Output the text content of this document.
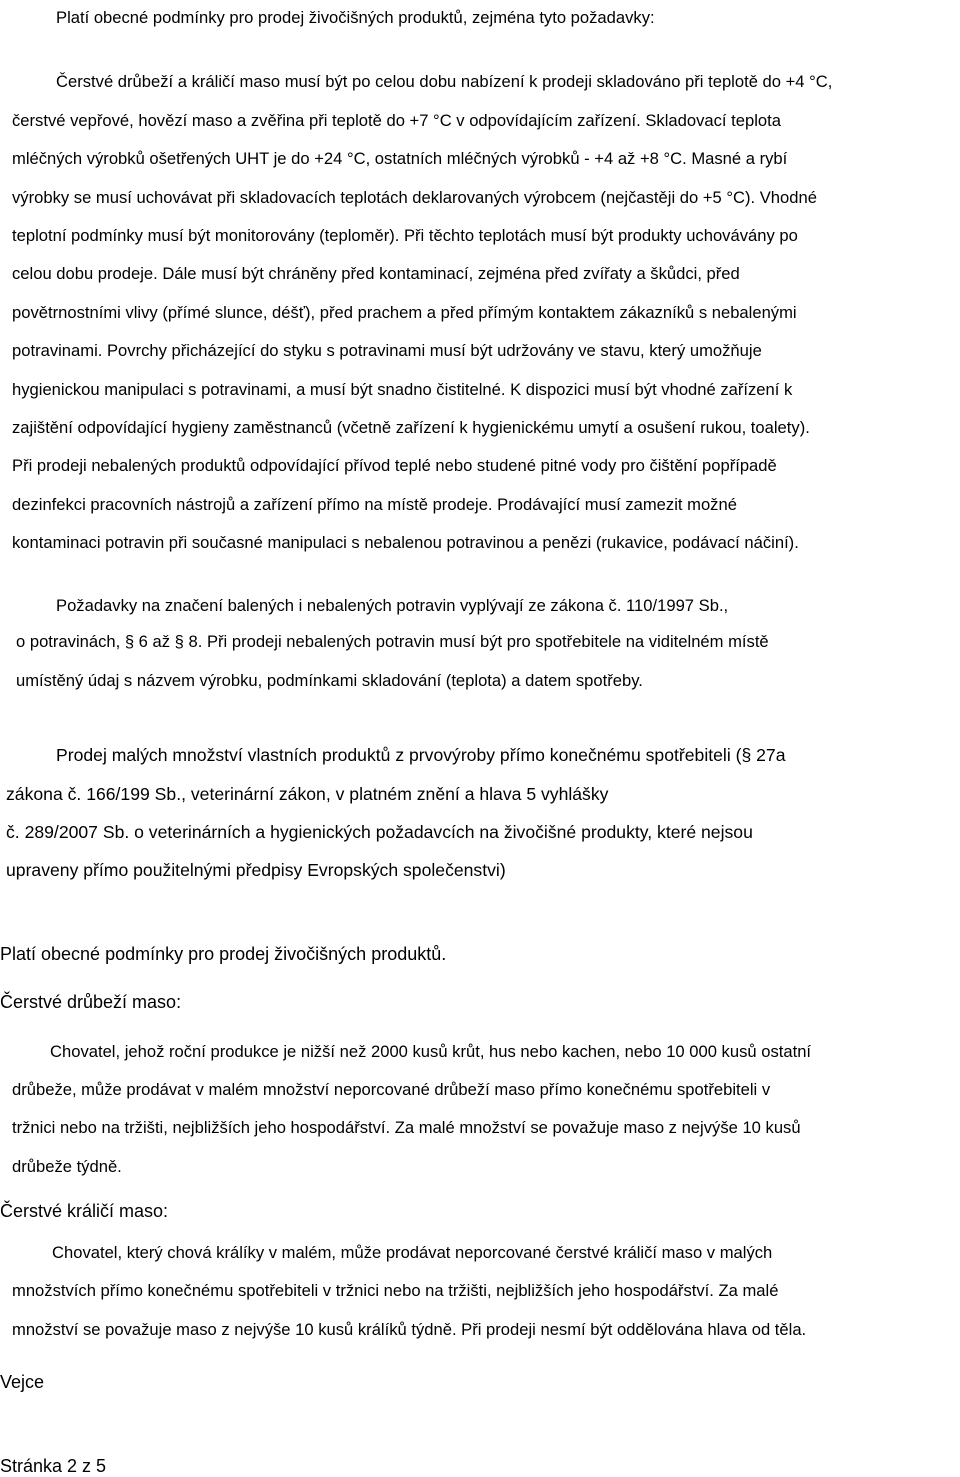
Platí obecné podmínky pro prodej živočišných produktů, zejména tyto požadavky:
Čerstvé drůbeží a králičí maso musí být po celou dobu nabízení k prodeji skladováno při teplotě do +4 °C,
čerstvé vepřové, hovězí maso a zvěřina při teplotě do +7 °C v odpovídajícím zařízení. Skladovací teplota
mléčných výrobků ošetřených UHT je do +24 °C, ostatních mléčných výrobků - +4 až +8 °C. Masné a rybí
výrobky se musí uchovávat při skladovacích teplotách deklarovaných výrobcem (nejčastěji do +5 °C). Vhodné
teplotní podmínky musí být monitorovány (teploměr). Při těchto teplotách musí být produkty uchovávány po
celou dobu prodeje. Dále musí být chráněny před kontaminací, zejména před zvířaty a škůdci, před
povětrnostními vlivy (přímé slunce, déšť), před prachem a před přímým kontaktem zákazníků s nebalenými
potravinami. Povrchy přicházející do styku s potravinami musí být udržovány ve stavu, který umožňuje
hygienickou manipulaci s potravinami, a musí být snadno čistitelné. K dispozici musí být vhodné zařízení k
zajištění odpovídající hygieny zaměstnanců (včetně zařízení k hygienickému umytí a osušení rukou, toalety).
Při prodeji nebalených produktů odpovídající přívod teplé nebo studené pitné vody pro čištění popřípadě
dezinfekci pracovních nástrojů a zařízení přímo na místě prodeje. Prodávající musí zamezit možné
kontaminaci potravin při současné manipulaci s nebalenou potravinou a penězi (rukavice, podávací náčiní).
Požadavky na značení balených i nebalených potravin vyplývají ze zákona č. 110/1997 Sb.,
o potravinách, § 6 až § 8. Při prodeji nebalených potravin musí být pro spotřebitele na viditelném místě
umístěný údaj s názvem výrobku, podmínkami skladování (teplota) a datem spotřeby.
Prodej malých množství vlastních produktů z prvovýroby přímo konečnému spotřebiteli (§ 27a
zákona č. 166/199 Sb., veterinární zákon, v platném znění a hlava 5 vyhlášky
č. 289/2007 Sb. o veterinárních a hygienických požadavcích na živočišné produkty, které nejsou
upraveny přímo použitelnými předpisy Evropských společenstvi)
Platí obecné podmínky pro prodej živočišných produktů.
Čerstvé drůbeží maso:
Chovatel, jehož roční produkce je nižší než 2000 kusů krůt, hus nebo kachen, nebo 10 000 kusů ostatní
drůbeže, může prodávat v malém množství neporcované drůbeží maso přímo konečnému spotřebiteli v
tržnici nebo na tržišti, nejbližších jeho hospodářství. Za malé množství se považuje maso z nejvýše 10 kusů
drůbeže týdně.
Čerstvé králičí maso:
Chovatel, který chová králíky v malém, může prodávat neporcované čerstvé králičí maso v malých
množstvích přímo konečnému spotřebiteli v tržnici nebo na tržišti, nejbližších jeho hospodářství. Za malé
množství se považuje maso z nejvýše 10 kusů králíků týdně. Při prodeji nesmí být oddělována hlava od těla.
Vejce
Stránka 2 z 5
